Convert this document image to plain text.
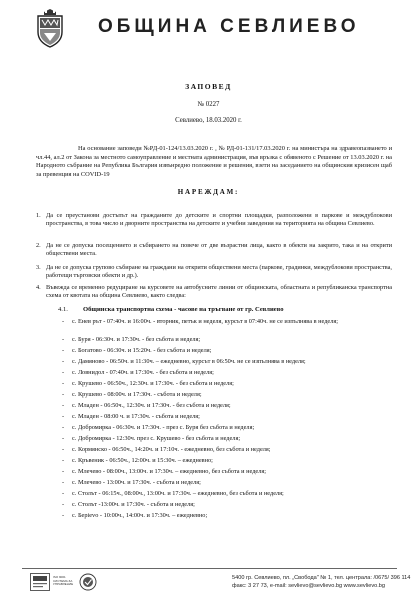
ОБЩИНА СЕВЛИЕВО
ЗАПОВЕД
№ 0227
Севлиево, 18.03.2020 г.
На основание заповеди №РД-01-124/13.03.2020 г. , № РД-01-131/17.03.2020 г. на министъра на здравеопазването и чл.44, ал.2 от Закона за местното самоуправление и местната администрация, във връзка с обявеното с Решение от 13.03.2020 г. на Народното събрание на Република България извънредно положение и решения, взети на заседанието на общинския кризисен щаб за превенция на COVID-19
НАРЕЖДАМ:
1. Да се преустанови достъпът на гражданите до детските и спортни площадки, разположени в паркове и междублокови пространства, в това число и дворните пространства на детските и учебни заведения на територията на община Севлиево.
2. Да не се допуска посещението и събирането на повече от две възрастни лица, както в обекти на закрито, така и на открити обществени места.
3. Да не се допуска групово събиране на граждани на открити обществени места (паркове, градинки, междублокови пространства, работещи търговски обекти и др.).
4. Въвежда се временно редуциране на курсовете на автобусните линии от общинската, областната и републиканска транспортна схема от квотата на община Севлиево, както следва:
4.1. Общинска транспортна схема - часове на тръгване от гр. Севлиево
- с. Енев рът - 07:40ч. и 16:00ч. - вторник, петък и неделя, курсът в 07:40ч. не се изпълнява в неделя;
- с. Буря - 06:30ч. и 17:30ч. - без събота и неделя;
- с. Богатово - 06:30ч. и 15:20ч. - без събота и неделя;
- с. Дамяново - 06:50ч. и 11:30ч. – ежедневно, курсът в 06:50ч. не се изпълнява в неделя;
- с. Ловнидол - 07:40ч. и 17:30ч. - без събота и неделя;
- с. Крушево - 06:50ч., 12:30ч. и 17:30ч. - без събота и неделя;
- с. Крушево - 08:00ч. и 17:30ч. - събота и неделя;
- с. Младен - 06:50ч., 12:30ч. и 17:30ч. - без събота и неделя;
- с. Младен - 08:00 ч. и 17:30ч. - събота и неделя;
- с. Добромирка - 06:30ч. и 17:30ч. - през с. Буря без събота и неделя;
- с. Добромирка - 12:30ч. през с. Крушево - без събота и неделя;
- с. Кормянско - 06:50ч., 14:20ч. и 17:10ч. - ежедневно, без събота и неделя;
- с. Кръвеник - 06:50ч., 12:00ч. и 15:30ч. – ежедневно;
- с. Млечево - 08:00ч., 13:00ч. и 17:30ч. – ежедневно, без събота и неделя;
- с. Млечево - 13:00ч. и 17:30ч. - събота и неделя;
- с. Столът - 06:15ч., 08:00ч., 13:00ч. и 17:30ч. – ежедневно, без събота и неделя;
- с. Столът -13:00ч. и 17:30ч. - събота и неделя;
- с. Берievo - 10:00ч., 14:00ч. и 17:30ч. – ежедневно;
ISO 9001 СИСТЕМА ЗА УПРАВЛЕНИЕ
5400 гр. Севлиево, пл. „Свобода" № 1, тел. централа: /0675/ 396 114
факс: 3 27 73, e-mail: sevlievo@sevlievo.bg www.sevlievo.bg
